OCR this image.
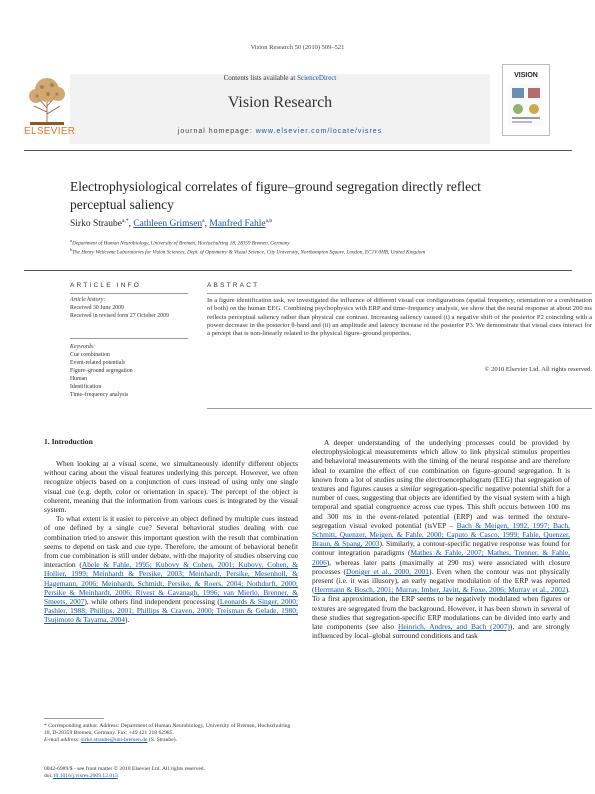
Vision Research 50 (2010) 509–521
Contents lists available at ScienceDirect
Vision Research
journal homepage: www.elsevier.com/locate/visres
ELSEVIER
VISION
Electrophysiological correlates of figure–ground segregation directly reflect perceptual saliency
Sirko Straube$^{a,*}$, Cathleen Grimsen$^a$, Manfred Fahle$^{a,b}$
$^a$Department of Human Neurobiology, University of Bremen, Hochschulring 18, 28359 Bremen, Germany
$^b$The Henry Wellcome Laboratories for Vision Sciences, Dept. of Optometry & Visual Science, City University, Northampton Square, London, EC1V 0HB, United Kingdom
ARTICLE INFO
Article history:
Received 30 June 2009
Received in revised form 27 October 2009
Keywords:
Cue combination
Event-related potentials
Figure–ground segregation
Human
Identification
Time–frequency analysis
ABSTRACT
In a figure identification task, we investigated the influence of different visual cue configurations (spatial frequency, orientation or a combination of both) on the human EEG. Combining psychophysics with ERP and time–frequency analysis, we show that the neural response at about 200 ms reflects perceptual saliency rather than physical cue contrast. Increasing saliency caused (i) a negative shift of the posterior P2 coinciding with a power decrease in the posterior θ-band and (ii) an amplitude and latency increase of the posterior P3. We demonstrate that visual cues interact for a percept that is non-linearly related to the physical figure–ground properties.
© 2010 Elsevier Ltd. All rights reserved.
1. Introduction

When looking at a visual scene, we simultaneously identify different objects without caring about the visual features underlying this percept. However, we often recognize objects based on a conjunction of cues instead of using only one single visual cue (e.g. depth, color or orientation in space). The percept of the object is coherent, meaning that the information from various cues is integrated by the visual system.

To what extent is it easier to perceive an object defined by multiple cues instead of one defined by a single cue? Several behavioral studies dealing with cue combination tried to answer this important question with the result that combination seems to depend on task and cue type. Therefore, the amount of behavioral benefit from cue combination is still under debate, with the majority of studies observing cue interaction (Abele & Fahle, 1995; Kubovy & Cohen, 2001; Kubovy, Cohen, & Hollier, 1999; Meinhardt & Persike, 2003; Meinhardt, Persike, Mesenholl, & Hagemann, 2006; Meinhardt, Schmidt, Persike, & Roers, 2004; Nothdurft, 2000; Persike & Meinhardt, 2006; Rivest & Cavanagh, 1996; van Mierlo, Brenner, & Smeets, 2007), while others find independent processing (Leonards & Singer, 2000; Pashler, 1988; Phillips, 2001; Phillips & Craven, 2000; Treisman & Gelade, 1980; Tsujimoto & Tayama, 2004).

A deeper understanding of the underlying processes could be provided by electrophysiological measurements which allow to link physical stimulus properties and behavioral measurements with the timing of the neural response and are therefore ideal to examine the effect of cue combination on figure–ground segregation. It is known from a lot of studies using the electroencephalogram (EEG) that segregation of textures and figures causes a similar segregation-specific negative potential shift for a number of cues, suggesting that objects are identified by the visual system with a high temporal and spatial congruence across cue types. This shift occurs between 100 ms and 300 ms in the event-related potential (ERP) and was termed the texture-segregation visual evoked potential (tsVEP – Bach & Meigen, 1992, 1997; Bach, Schmitt, Quenzer, Meigen, & Fahle, 2000; Caputo & Casco, 1999; Fahle, Quenzer, Braun, & Spang, 2003). Similarly, a contour-specific negative response was found for contour integration paradigms (Mathes & Fahle, 2007; Mathes, Trenner, & Fahle, 2006), whereas later parts (maximally at 290 ms) were associated with closure processes (Doniger et al., 2000, 2001). Even when the contour was not physically present (i.e. it was illusory), an early negative modulation of the ERP was reported (Herrmann & Bosch, 2001; Murray, Imber, Javitt, & Foxe, 2006; Murray et al., 2002). To a first approximation, the ERP seems to be negatively modulated when figures or textures are segregated from the background. However, it has been shown in several of these studies that segregation-specific ERP modulations can be divided into early and late components (see also Heinrich, Andres, and Bach (2007)), and are strongly influenced by local–global surround conditions and task

* Corresponding author. Address: Department of Human Neurobiology, University of Bremen, Hochschulring 18, D-28359 Bremen, Germany. Fax: +49 421 218 62985.
E-mail address: sirko.straube@uni-bremen.de (S. Straube).
0042-6989/$ - see front matter © 2010 Elsevier Ltd. All rights reserved.
doi:10.1016/j.visres.2009.12.013
